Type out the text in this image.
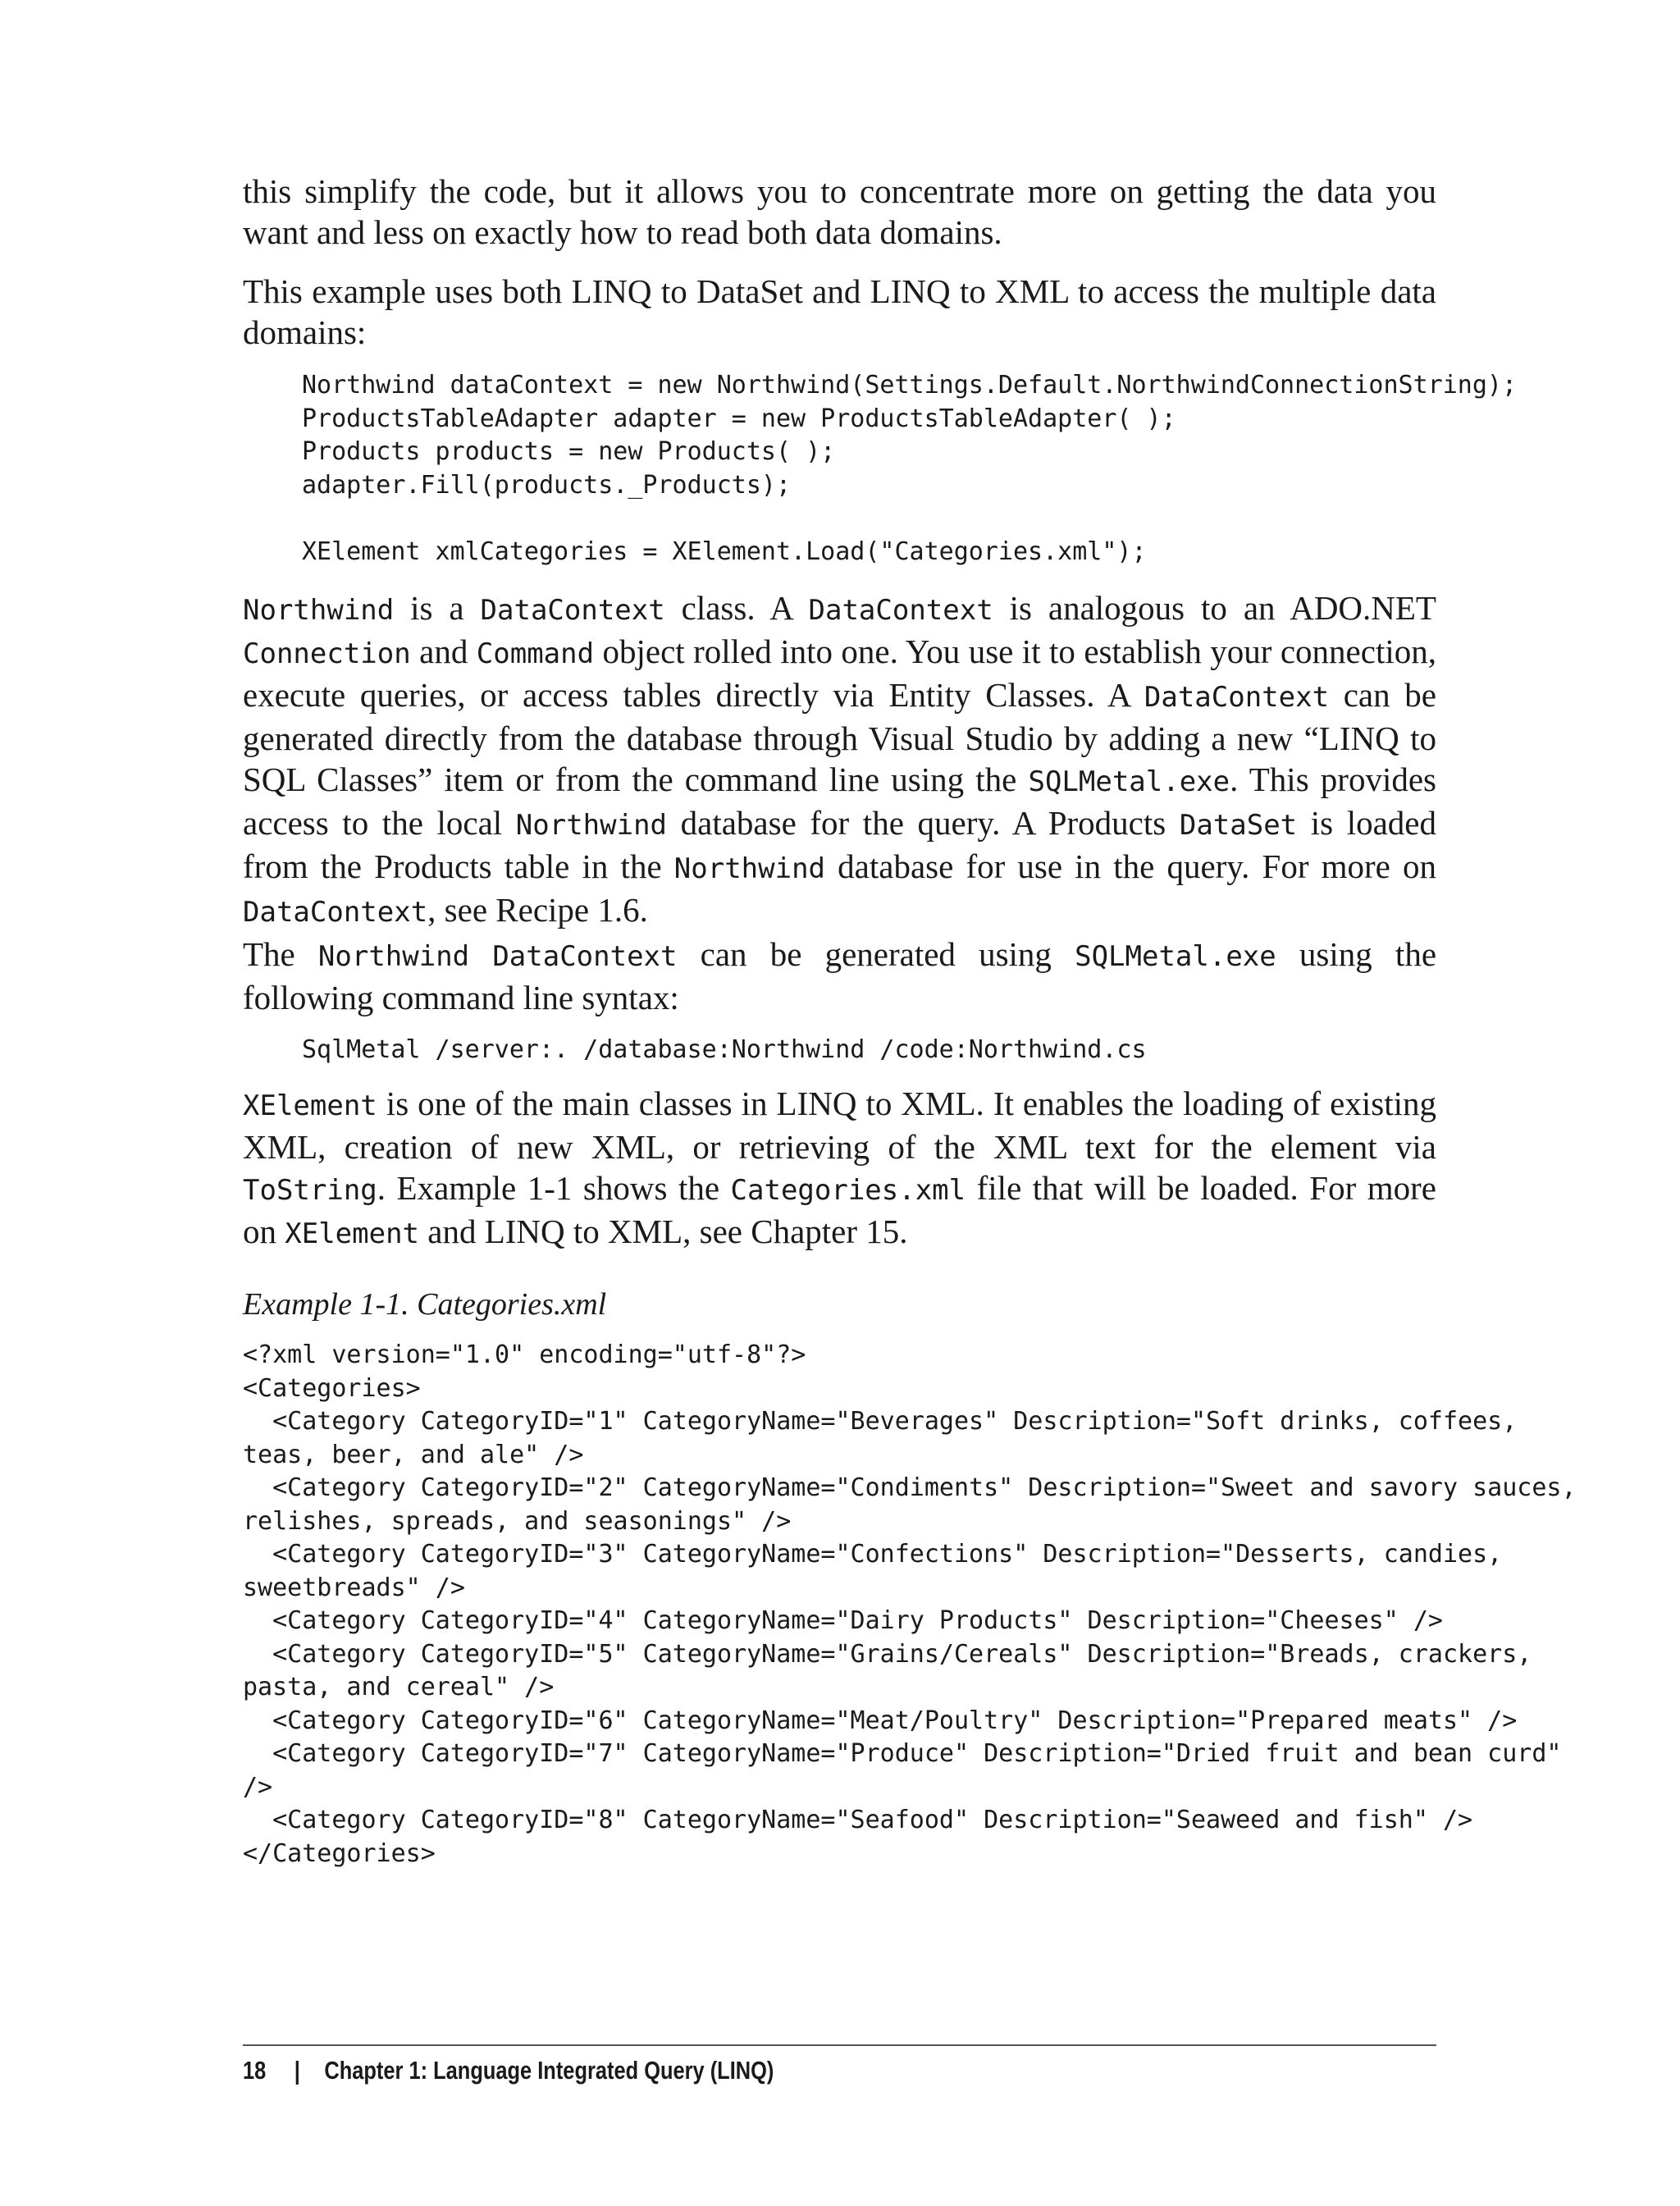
this simplify the code, but it allows you to concentrate more on getting the data you want and less on exactly how to read both data domains.

This example uses both LINQ to DataSet and LINQ to XML to access the multiple data domains:

Northwind dataContext = new Northwind(Settings.Default.NorthwindConnectionString);
ProductsTableAdapter adapter = new ProductsTableAdapter( );
Products products = new Products( );
adapter.Fill(products._Products);

XElement xmlCategories = XElement.Load("Categories.xml");

Northwind is a DataContext class. A DataContext is analogous to an ADO.NET Connection and Command object rolled into one. You use it to establish your connection, execute queries, or access tables directly via Entity Classes. A DataContext can be generated directly from the database through Visual Studio by adding a new “LINQ to SQL Classes” item or from the command line using the SQLMetal.exe. This provides access to the local Northwind database for the query. A Products DataSet is loaded from the Products table in the Northwind database for use in the query. For more on DataContext, see Recipe 1.6.

The Northwind DataContext can be generated using SQLMetal.exe using the following command line syntax:

SqlMetal /server:. /database:Northwind /code:Northwind.cs

XElement is one of the main classes in LINQ to XML. It enables the loading of existing XML, creation of new XML, or retrieving of the XML text for the element via ToString. Example 1-1 shows the Categories.xml file that will be loaded. For more on XElement and LINQ to XML, see Chapter 15.

Example 1-1. Categories.xml

<?xml version="1.0" encoding="utf-8"?>
<Categories>
<Category CategoryID="1" CategoryName="Beverages" Description="Soft drinks, coffees,
teas, beer, and ale" />
<Category CategoryID="2" CategoryName="Condiments" Description="Sweet and savory sauces,
relishes, spreads, and seasonings" />
<Category CategoryID="3" CategoryName="Confections" Description="Desserts, candies,
sweetbreads" />
<Category CategoryID="4" CategoryName="Dairy Products" Description="Cheeses" />
<Category CategoryID="5" CategoryName="Grains/Cereals" Description="Breads, crackers,
pasta, and cereal" />
<Category CategoryID="6" CategoryName="Meat/Poultry" Description="Prepared meats" />
<Category CategoryID="7" CategoryName="Produce" Description="Dried fruit and bean curd"
/>
<Category CategoryID="8" CategoryName="Seafood" Description="Seaweed and fish" />
</Categories>
18 | Chapter 1: Language Integrated Query (LINQ)
